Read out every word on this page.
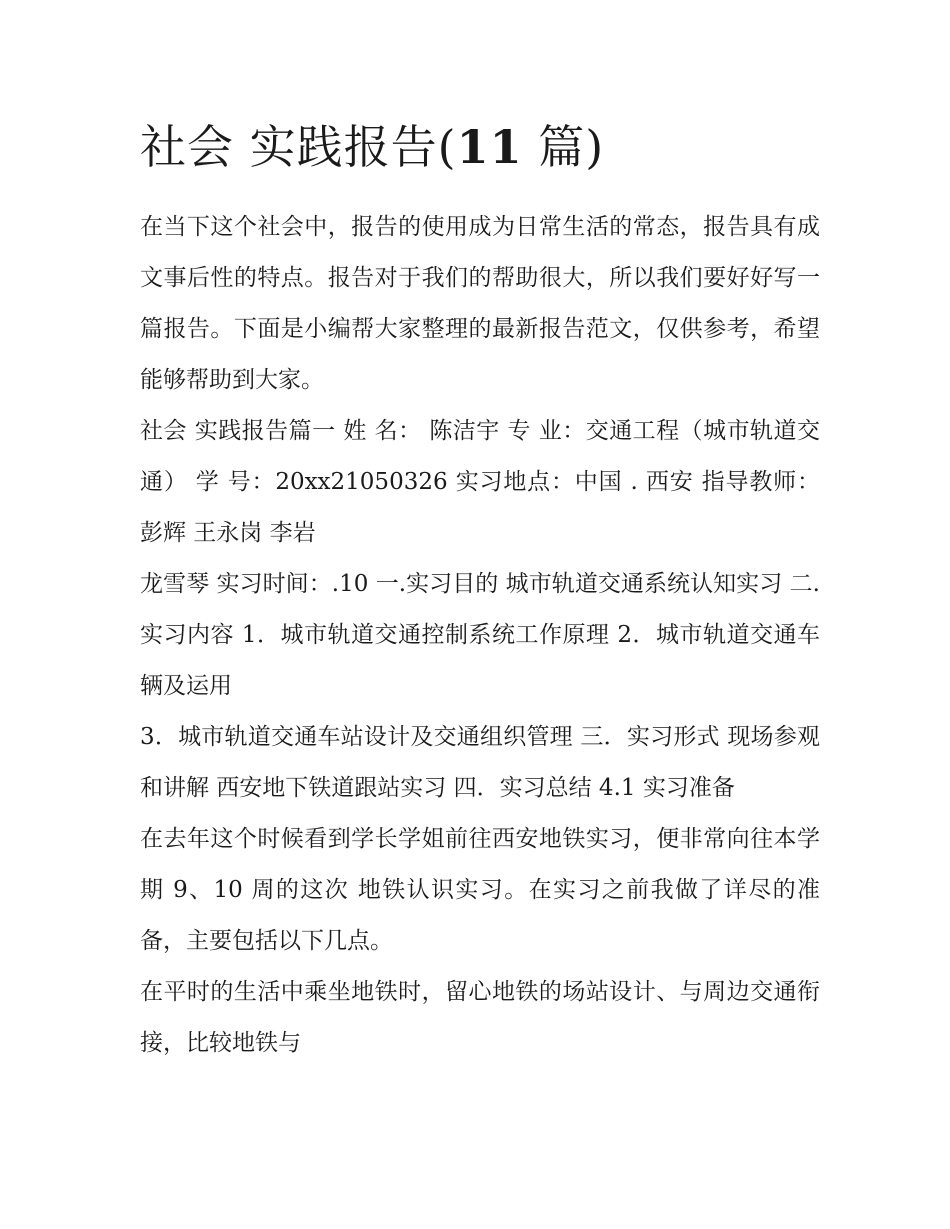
社会 实践报告(11 篇)

在当下这个社会中，报告的使用成为日常生活的常态，报告具有成文事后性的特点。报告对于我们的帮助很大，所以我们要好好写一篇报告。下面是小编帮大家整理的最新报告范文，仅供参考，希望能够帮助到大家。

社会 实践报告篇一 姓 名： 陈洁宇 专 业：交通工程（城市轨道交通） 学 号：20xx21050326 实习地点：中国 . 西安 指导教师：彭辉 王永岗 李岩

龙雪琴 实习时间：.10 一.实习目的 城市轨道交通系统认知实习 二.实习内容 1．城市轨道交通控制系统工作原理 2．城市轨道交通车辆及运用

3．城市轨道交通车站设计及交通组织管理 三．实习形式 现场参观和讲解 西安地下铁道跟站实习 四．实习总结 4.1 实习准备

在去年这个时候看到学长学姐前往西安地铁实习，便非常向往本学期 9、10 周的这次 地铁认识实习。在实习之前我做了详尽的准备，主要包括以下几点。

在平时的生活中乘坐地铁时，留心地铁的场站设计、与周边交通衔接，比较地铁与
